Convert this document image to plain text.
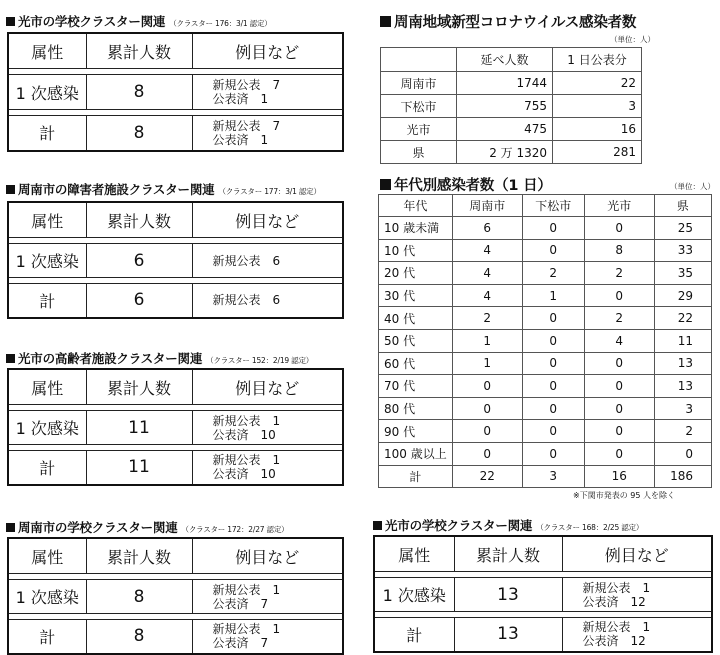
光市の学校クラスター関連 （クラスター 176：3/1 認定）
属性	累計人数	例目など

1 次感染	8	新規公表　7
公表済　1

計	8	新規公表　7
公表済　1
周南市の障害者施設クラスター関連 （クラスター 177：3/1 認定）
属性	累計人数	例目など

1 次感染	6	新規公表　6

計	6	新規公表　6
光市の高齢者施設クラスター関連 （クラスター 152：2/19 認定）
属性	累計人数	例目など

1 次感染	11	新規公表　1
公表済　10

計	11	新規公表　1
公表済　10
周南市の学校クラスター関連 （クラスター 172：2/27 認定）
属性	累計人数	例目など

1 次感染	8	新規公表　1
公表済　7

計	8	新規公表　1
公表済　7
光市の学校クラスター関連 （クラスター 168：2/25 認定）
属性	累計人数	例目など

1 次感染	13	新規公表　1
公表済　12

計	13	新規公表　1
公表済　12
周南地域新型コロナウイルス感染者数
（単位：人）
	延べ人数	1 日公表分
周南市	1744	22
下松市	755	3
光市	475	16
県	2 万 1320	281
年代別感染者数（1 日）	（単位：人）
年代	周南市	下松市	光市	県
10 歳未満	6	0	0	25
10 代	4	0	8	33
20 代	4	2	2	35
30 代	4	1	0	29
40 代	2	0	2	22
50 代	1	0	4	11
60 代	1	0	0	13
70 代	0	0	0	13
80 代	0	0	0	3
90 代	0	0	0	2
100 歳以上	0	0	0	0
計	22	3	16	186
※下関市発表の 95 人を除く
